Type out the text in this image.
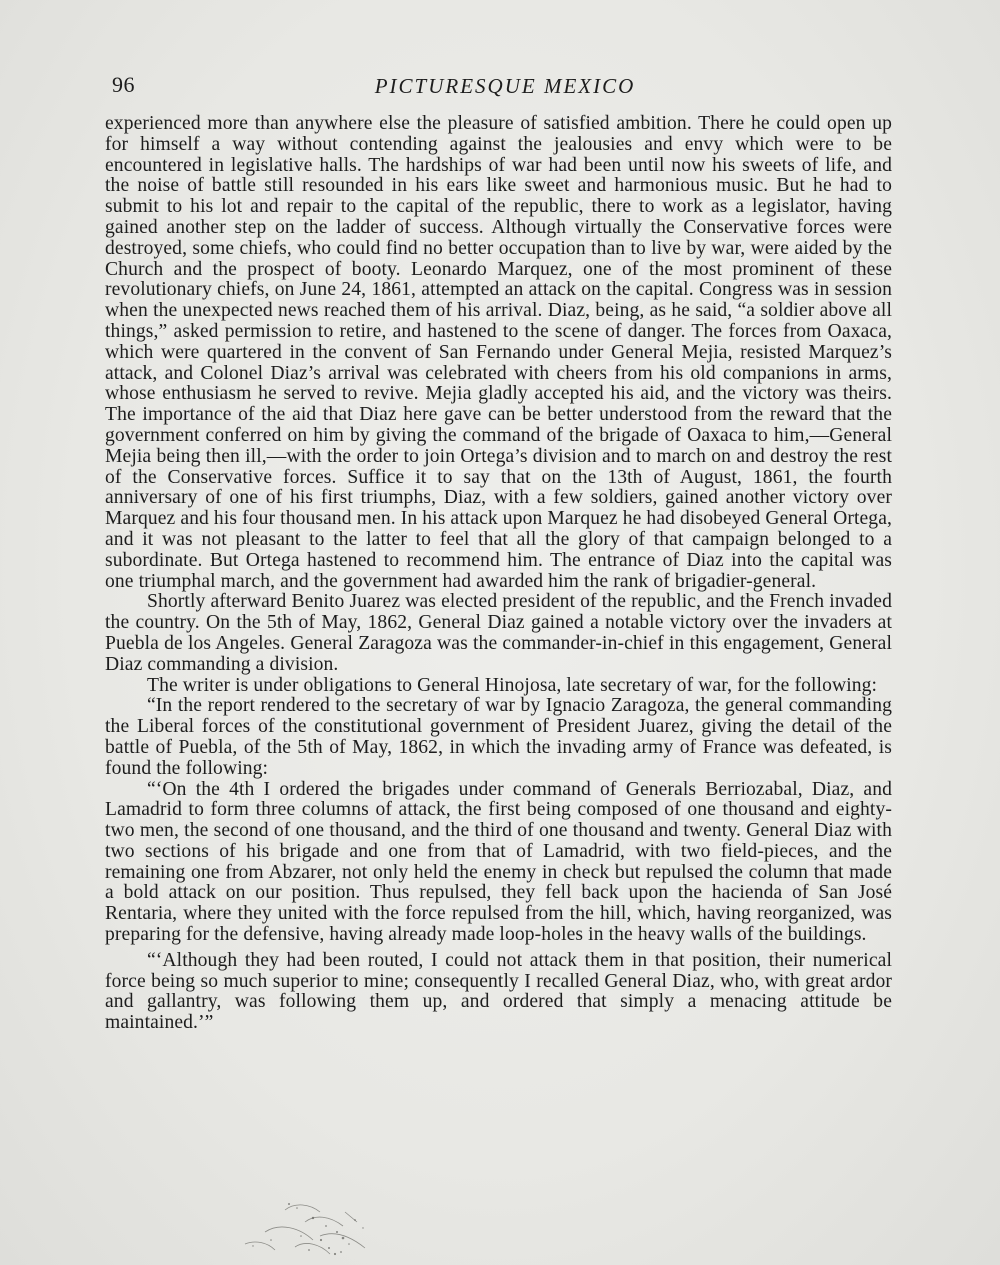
96	PICTURESQUE MEXICO

experienced more than anywhere else the pleasure of satisfied ambition. There he could open up for himself a way without contending against the jealousies and envy which were to be encountered in legislative halls. The hardships of war had been until now his sweets of life, and the noise of battle still resounded in his ears like sweet and harmonious music. But he had to submit to his lot and repair to the capital of the republic, there to work as a legislator, having gained another step on the ladder of success. Although virtually the Conservative forces were destroyed, some chiefs, who could find no better occupation than to live by war, were aided by the Church and the prospect of booty. Leonardo Marquez, one of the most prominent of these revolutionary chiefs, on June 24, 1861, attempted an attack on the capital. Congress was in session when the unexpected news reached them of his arrival. Diaz, being, as he said, “a soldier above all things,” asked permission to retire, and hastened to the scene of danger. The forces from Oaxaca, which were quartered in the convent of San Fernando under General Mejia, resisted Marquez’s attack, and Colonel Diaz’s arrival was celebrated with cheers from his old companions in arms, whose enthusiasm he served to revive. Mejia gladly accepted his aid, and the victory was theirs. The importance of the aid that Diaz here gave can be better understood from the reward that the government conferred on him by giving the command of the brigade of Oaxaca to him,—General Mejia being then ill,—with the order to join Ortega’s division and to march on and destroy the rest of the Conservative forces. Suffice it to say that on the 13th of August, 1861, the fourth anniversary of one of his first triumphs, Diaz, with a few soldiers, gained another victory over Marquez and his four thousand men. In his attack upon Marquez he had disobeyed General Ortega, and it was not pleasant to the latter to feel that all the glory of that campaign belonged to a subordinate. But Ortega hastened to recommend him. The entrance of Diaz into the capital was one triumphal march, and the government had awarded him the rank of brigadier-general.

Shortly afterward Benito Juarez was elected president of the republic, and the French invaded the country. On the 5th of May, 1862, General Diaz gained a notable victory over the invaders at Puebla de los Angeles. General Zaragoza was the commander-in-chief in this engagement, General Diaz commanding a division.

The writer is under obligations to General Hinojosa, late secretary of war, for the following:

“In the report rendered to the secretary of war by Ignacio Zaragoza, the general commanding the Liberal forces of the constitutional government of President Juarez, giving the detail of the battle of Puebla, of the 5th of May, 1862, in which the invading army of France was defeated, is found the following:

“‘On the 4th I ordered the brigades under command of Generals Berriozabal, Diaz, and Lamadrid to form three columns of attack, the first being composed of one thousand and eighty-two men, the second of one thousand, and the third of one thousand and twenty. General Diaz with two sections of his brigade and one from that of Lamadrid, with two field-pieces, and the remaining one from Abzarer, not only held the enemy in check but repulsed the column that made a bold attack on our position. Thus repulsed, they fell back upon the hacienda of San José Rentaria, where they united with the force repulsed from the hill, which, having reorganized, was preparing for the defensive, having already made loop-holes in the heavy walls of the buildings.

“‘Although they had been routed, I could not attack them in that position, their numerical force being so much superior to mine; consequently I recalled General Diaz, who, with great ardor and gallantry, was following them up, and ordered that simply a menacing attitude be maintained.’”
